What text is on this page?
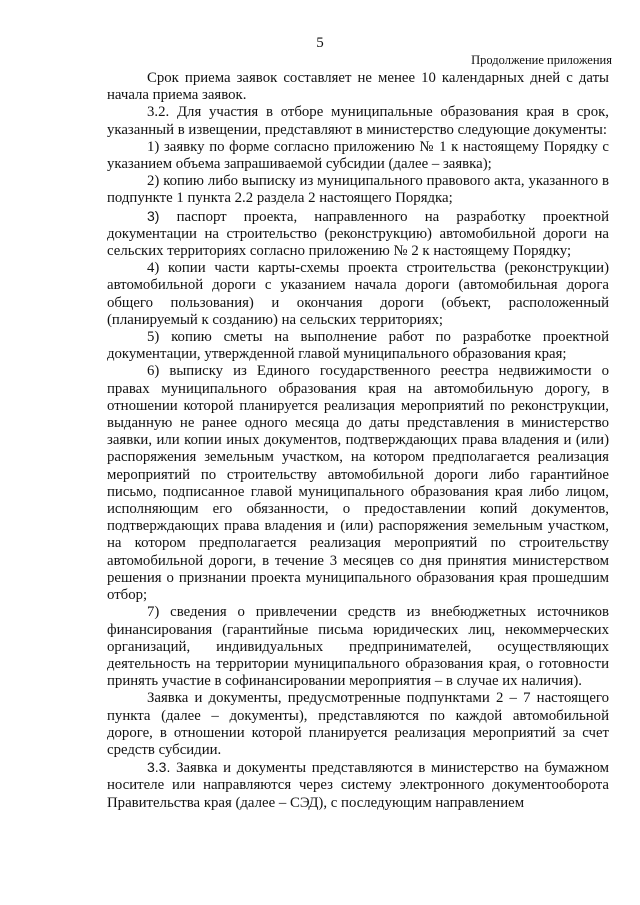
5
Продолжение приложения

Срок приема заявок составляет не менее 10 календарных дней с даты начала приема заявок.

3.2. Для участия в отборе муниципальные образования края в срок, указанный в извещении, представляют в министерство следующие документы:

1) заявку по форме согласно приложению № 1 к настоящему Порядку с указанием объема запрашиваемой субсидии (далее – заявка);

2) копию либо выписку из муниципального правового акта, указанного в подпункте 1 пункта 2.2 раздела 2 настоящего Порядка;

3) паспорт проекта, направленного на разработку проектной документации на строительство (реконструкцию) автомобильной дороги на сельских территориях согласно приложению № 2 к настоящему Порядку;

4) копии части карты-схемы проекта строительства (реконструкции) автомобильной дороги с указанием начала дороги (автомобильная дорога общего пользования) и окончания дороги (объект, расположенный (планируемый к созданию) на сельских территориях;

5) копию сметы на выполнение работ по разработке проектной документации, утвержденной главой муниципального образования края;

6) выписку из Единого государственного реестра недвижимости о правах муниципального образования края на автомобильную дорогу, в отношении которой планируется реализация мероприятий по реконструкции, выданную не ранее одного месяца до даты представления в министерство заявки, или копии иных документов, подтверждающих права владения и (или) распоряжения земельным участком, на котором предполагается реализация мероприятий по строительству автомобильной дороги либо гарантийное письмо, подписанное главой муниципального образования края либо лицом, исполняющим его обязанности, о предоставлении копий документов, подтверждающих права владения и (или) распоряжения земельным участком, на котором предполагается реализация мероприятий по строительству автомобильной дороги, в течение 3 месяцев со дня принятия министерством решения о признании проекта муниципального образования края прошедшим отбор;

7) сведения о привлечении средств из внебюджетных источников финансирования (гарантийные письма юридических лиц, некоммерческих организаций, индивидуальных предпринимателей, осуществляющих деятельность на территории муниципального образования края, о готовности принять участие в софинансировании мероприятия – в случае их наличия).

Заявка и документы, предусмотренные подпунктами 2 – 7 настоящего пункта (далее – документы), представляются по каждой автомобильной дороге, в отношении которой планируется реализация мероприятий за счет средств субсидии.

3.3. Заявка и документы представляются в министерство на бумажном носителе или направляются через систему электронного документооборота Правительства края (далее – СЭД), с последующим направлением
